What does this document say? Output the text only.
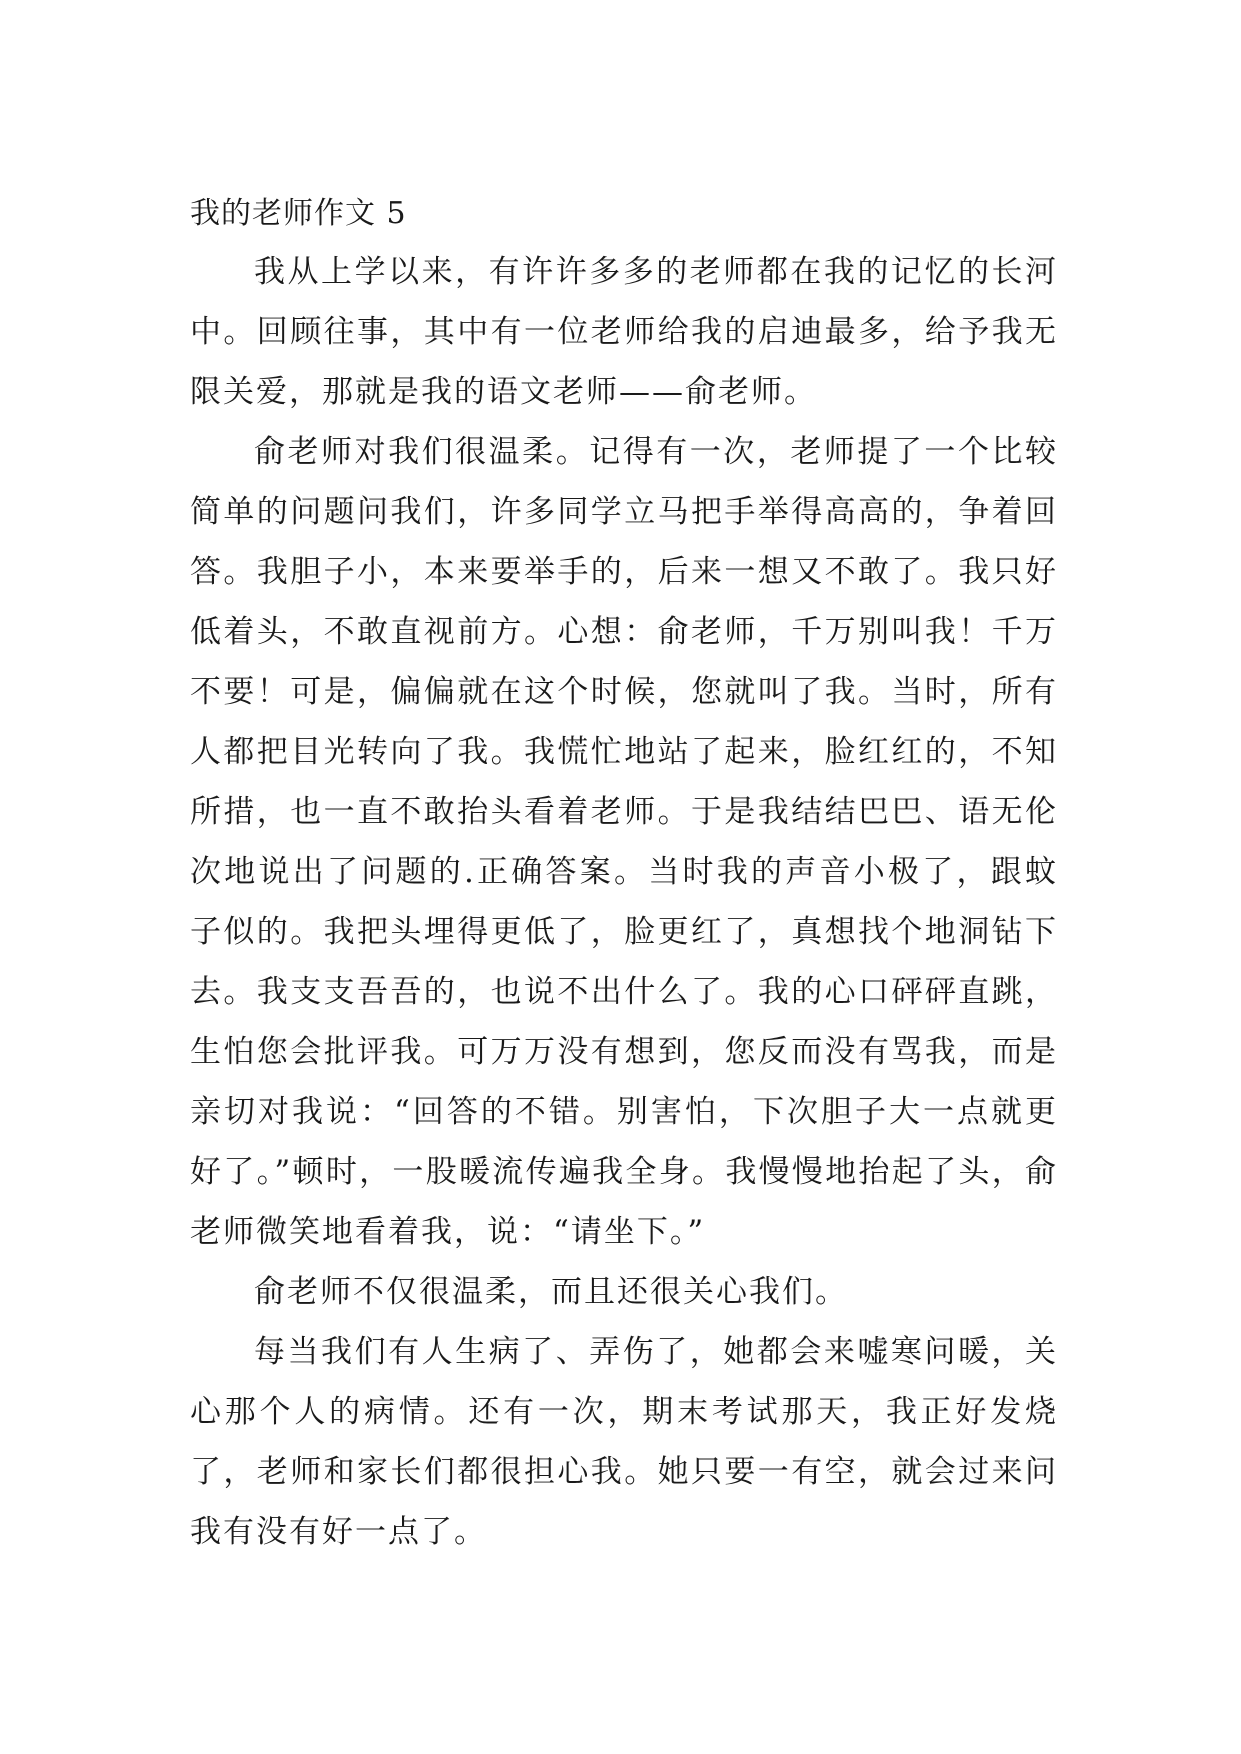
我的老师作文 5

我从上学以来，有许许多多的老师都在我的记忆的长河中。回顾往事，其中有一位老师给我的启迪最多，给予我无限关爱，那就是我的语文老师——俞老师。

俞老师对我们很温柔。记得有一次，老师提了一个比较简单的问题问我们，许多同学立马把手举得高高的，争着回答。我胆子小，本来要举手的，后来一想又不敢了。我只好低着头，不敢直视前方。心想：俞老师，千万别叫我！千万不要！可是，偏偏就在这个时候，您就叫了我。当时，所有人都把目光转向了我。我慌忙地站了起来，脸红红的，不知所措，也一直不敢抬头看着老师。于是我结结巴巴、语无伦次地说出了问题的.正确答案。当时我的声音小极了，跟蚊子似的。我把头埋得更低了，脸更红了，真想找个地洞钻下去。我支支吾吾的，也说不出什么了。我的心口砰砰直跳，生怕您会批评我。可万万没有想到，您反而没有骂我，而是亲切对我说：“回答的不错。别害怕，下次胆子大一点就更好了。”顿时，一股暖流传遍我全身。我慢慢地抬起了头，俞老师微笑地看着我，说：“请坐下。”

俞老师不仅很温柔，而且还很关心我们。

每当我们有人生病了、弄伤了，她都会来嘘寒问暖，关心那个人的病情。还有一次，期末考试那天，我正好发烧了，老师和家长们都很担心我。她只要一有空，就会过来问我有没有好一点了。
